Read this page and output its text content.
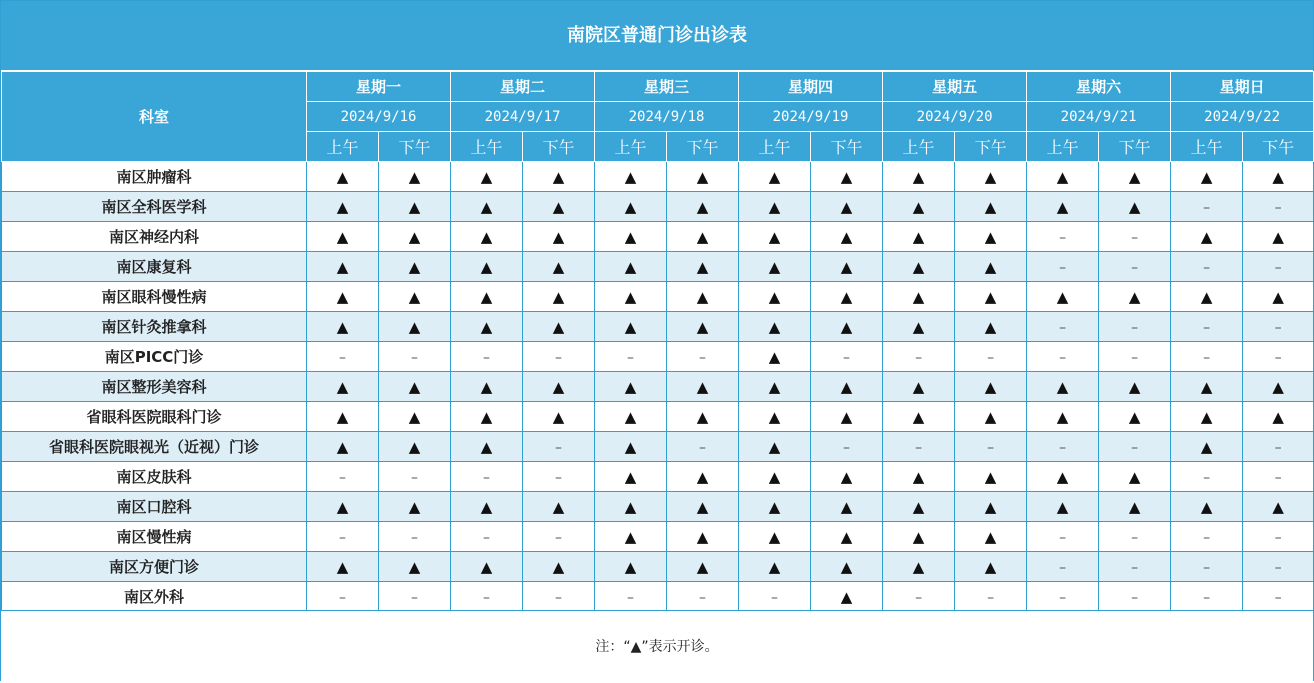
南院区普通门诊出诊表
科室	星期一		星期二		星期三		星期四		星期五		星期六		星期日	
	2024/9/16		2024/9/17		2024/9/18		2024/9/19		2024/9/20		2024/9/21		2024/9/22	
	上午	下午	上午	下午	上午	下午	上午	下午	上午	下午	上午	下午	上午	下午
南区肿瘤科	▲	▲	▲	▲	▲	▲	▲	▲	▲	▲	▲	▲	▲	▲
南区全科医学科	▲	▲	▲	▲	▲	▲	▲	▲	▲	▲	▲	▲	–	–
南区神经内科	▲	▲	▲	▲	▲	▲	▲	▲	▲	▲	–	–	▲	▲
南区康复科	▲	▲	▲	▲	▲	▲	▲	▲	▲	▲	–	–	–	–
南区眼科慢性病	▲	▲	▲	▲	▲	▲	▲	▲	▲	▲	▲	▲	▲	▲
南区针灸推拿科	▲	▲	▲	▲	▲	▲	▲	▲	▲	▲	–	–	–	–
南区PICC门诊	–	–	–	–	–	–	▲	–	–	–	–	–	–	–
南区整形美容科	▲	▲	▲	▲	▲	▲	▲	▲	▲	▲	▲	▲	▲	▲
省眼科医院眼科门诊	▲	▲	▲	▲	▲	▲	▲	▲	▲	▲	▲	▲	▲	▲
省眼科医院眼视光（近视）门诊	▲	▲	▲	–	▲	–	▲	–	–	–	–	–	▲	–
南区皮肤科	–	–	–	–	▲	▲	▲	▲	▲	▲	▲	▲	–	–
南区口腔科	▲	▲	▲	▲	▲	▲	▲	▲	▲	▲	▲	▲	▲	▲
南区慢性病	–	–	–	–	▲	▲	▲	▲	▲	▲	–	–	–	–
南区方便门诊	▲	▲	▲	▲	▲	▲	▲	▲	▲	▲	–	–	–	–
南区外科	–	–	–	–	–	–	–	▲	–	–	–	–	–	–
注：“▲”表示开诊。
